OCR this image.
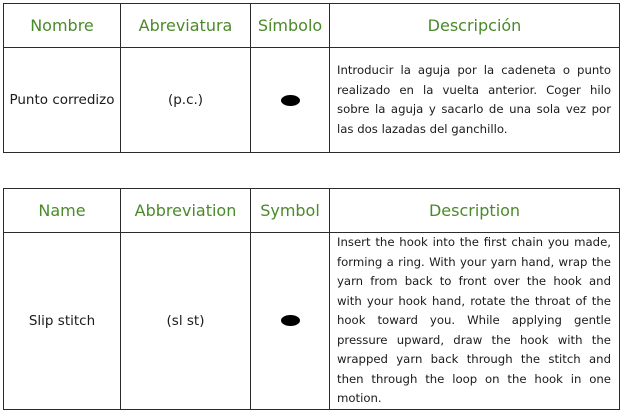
Nombre	Abreviatura	Símbolo	Descripción
Punto corredizo	(p.c.)		Introducir la aguja por la cadeneta o punto realizado en la vuelta anterior. Coger hilo sobre la aguja y sacarlo de una sola vez por las dos lazadas del ganchillo.
Name	Abbreviation	Symbol	Description
Slip stitch	(sl st)		Insert the hook into the first chain you made, forming a ring. With your yarn hand, wrap the yarn from back to front over the hook and with your hook hand, rotate the throat of the hook toward you. While applying gentle pressure upward, draw the hook with the wrapped yarn back through the stitch and then through the loop on the hook in one motion.
